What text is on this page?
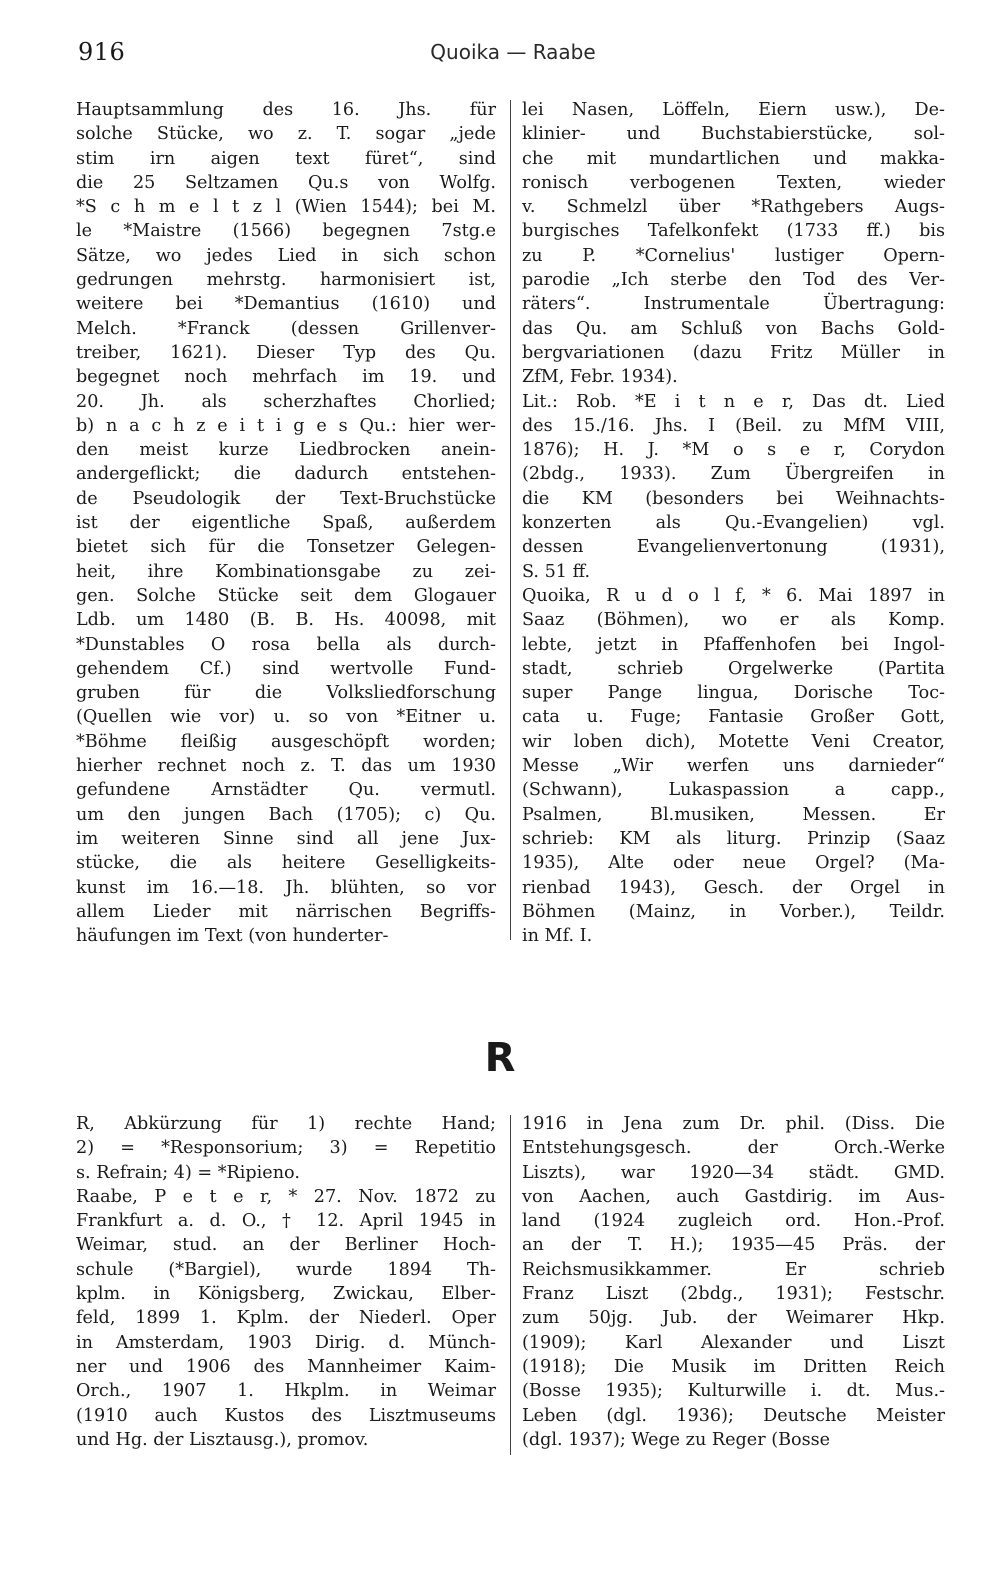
916	Quoika — Raabe
Hauptsammlung des 16. Jhs. für
solche Stücke, wo z. T. sogar „jede
stim irn aigen text füret“, sind
die 25 Seltzamen Qu.s von Wolfg.
*S c h m e l t z l (Wien 1544); bei M.
le *Maistre (1566) begegnen 7stg.e
Sätze, wo jedes Lied in sich schon
gedrungen mehrstg. harmonisiert ist,
weitere bei *Demantius (1610) und
Melch. *Franck (dessen Grillenver-
treiber, 1621). Dieser Typ des Qu.
begegnet noch mehrfach im 19. und
20. Jh. als scherzhaftes Chorlied;
b) n a c h z e i t i g e s Qu.: hier wer-
den meist kurze Liedbrocken anein-
andergeflickt; die dadurch entstehen-
de Pseudologik der Text-Bruchstücke
ist der eigentliche Spaß, außerdem
bietet sich für die Tonsetzer Gelegen-
heit, ihre Kombinationsgabe zu zei-
gen. Solche Stücke seit dem Glogauer
Ldb. um 1480 (B. B. Hs. 40098, mit
*Dunstables O rosa bella als durch-
gehendem Cf.) sind wertvolle Fund-
gruben für die Volksliedforschung
(Quellen wie vor) u. so von *Eitner u.
*Böhme fleißig ausgeschöpft worden;
hierher rechnet noch z. T. das um 1930
gefundene Arnstädter Qu. vermutl.
um den jungen Bach (1705); c) Qu.
im weiteren Sinne sind all jene Jux-
stücke, die als heitere Geselligkeits-
kunst im 16.—18. Jh. blühten, so vor
allem Lieder mit närrischen Begriffs-
häufungen im Text (von hunderter-
lei Nasen, Löffeln, Eiern usw.), De-
klinier- und Buchstabierstücke, sol-
che mit mundartlichen und makka-
ronisch verbogenen Texten, wieder
v. Schmelzl über *Rathgebers Augs-
burgisches Tafelkonfekt (1733 ff.) bis
zu P. *Cornelius' lustiger Opern-
parodie „Ich sterbe den Tod des Ver-
räters“. Instrumentale Übertragung:
das Qu. am Schluß von Bachs Gold-
bergvariationen (dazu Fritz Müller in
ZfM, Febr. 1934).
Lit.: Rob. *E i t n e r, Das dt. Lied
des 15./16. Jhs. I (Beil. zu MfM VIII,
1876); H. J. *M o s e r, Corydon
(2bdg., 1933). Zum Übergreifen in
die KM (besonders bei Weihnachts-
konzerten als Qu.-Evangelien) vgl.
dessen Evangelienvertonung (1931),
S. 51 ff.
Quoika, R u d o l f, * 6. Mai 1897 in
Saaz (Böhmen), wo er als Komp.
lebte, jetzt in Pfaffenhofen bei Ingol-
stadt, schrieb Orgelwerke (Partita
super Pange lingua, Dorische Toc-
cata u. Fuge; Fantasie Großer Gott,
wir loben dich), Motette Veni Creator,
Messe „Wir werfen uns darnieder“
(Schwann), Lukaspassion a capp.,
Psalmen, Bl.musiken, Messen. Er
schrieb: KM als liturg. Prinzip (Saaz
1935), Alte oder neue Orgel? (Ma-
rienbad 1943), Gesch. der Orgel in
Böhmen (Mainz, in Vorber.), Teildr.
in Mf. I.
R
R, Abkürzung für 1) rechte Hand;
2) = *Responsorium; 3) = Repetitio
s. Refrain; 4) = *Ripieno.
Raabe, P e t e r, * 27. Nov. 1872 zu
Frankfurt a. d. O., † 12. April 1945 in
Weimar, stud. an der Berliner Hoch-
schule (*Bargiel), wurde 1894 Th-
kplm. in Königsberg, Zwickau, Elber-
feld, 1899 1. Kplm. der Niederl. Oper
in Amsterdam, 1903 Dirig. d. Münch-
ner und 1906 des Mannheimer Kaim-
Orch., 1907 1. Hkplm. in Weimar
(1910 auch Kustos des Lisztmuseums
und Hg. der Lisztausg.), promov.
1916 in Jena zum Dr. phil. (Diss. Die
Entstehungsgesch. der Orch.-Werke
Liszts), war 1920—34 städt. GMD.
von Aachen, auch Gastdirig. im Aus-
land (1924 zugleich ord. Hon.-Prof.
an der T. H.); 1935—45 Präs. der
Reichsmusikkammer. Er schrieb
Franz Liszt (2bdg., 1931); Festschr.
zum 50jg. Jub. der Weimarer Hkp.
(1909); Karl Alexander und Liszt
(1918); Die Musik im Dritten Reich
(Bosse 1935); Kulturwille i. dt. Mus.-
Leben (dgl. 1936); Deutsche Meister
(dgl. 1937); Wege zu Reger (Bosse
